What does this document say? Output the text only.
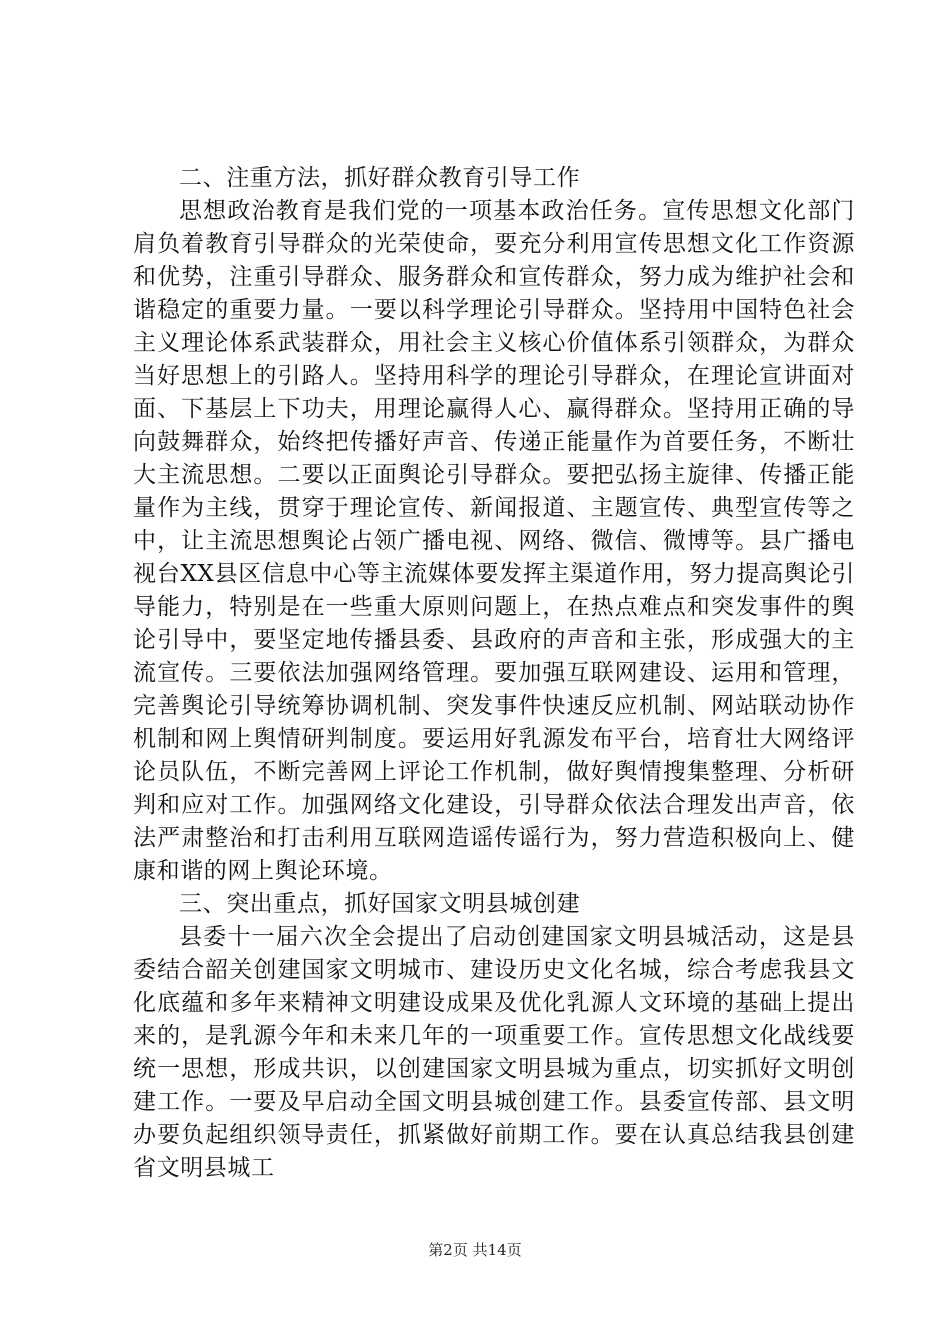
二、注重方法，抓好群众教育引导工作

思想政治教育是我们党的一项基本政治任务。宣传思想文化部门肩负着教育引导群众的光荣使命，要充分利用宣传思想文化工作资源和优势，注重引导群众、服务群众和宣传群众，努力成为维护社会和谐稳定的重要力量。一要以科学理论引导群众。坚持用中国特色社会主义理论体系武装群众，用社会主义核心价值体系引领群众，为群众当好思想上的引路人。坚持用科学的理论引导群众，在理论宣讲面对面、下基层上下功夫，用理论赢得人心、赢得群众。坚持用正确的导向鼓舞群众，始终把传播好声音、传递正能量作为首要任务，不断壮大主流思想。二要以正面舆论引导群众。要把弘扬主旋律、传播正能量作为主线，贯穿于理论宣传、新闻报道、主题宣传、典型宣传等之中，让主流思想舆论占领广播电视、网络、微信、微博等。县广播电视台XX县区信息中心等主流媒体要发挥主渠道作用，努力提高舆论引导能力，特别是在一些重大原则问题上，在热点难点和突发事件的舆论引导中，要坚定地传播县委、县政府的声音和主张，形成强大的主流宣传。三要依法加强网络管理。要加强互联网建设、运用和管理，完善舆论引导统筹协调机制、突发事件快速反应机制、网站联动协作机制和网上舆情研判制度。要运用好乳源发布平台，培育壮大网络评论员队伍，不断完善网上评论工作机制，做好舆情搜集整理、分析研判和应对工作。加强网络文化建设，引导群众依法合理发出声音，依法严肃整治和打击利用互联网造谣传谣行为，努力营造积极向上、健康和谐的网上舆论环境。

三、突出重点，抓好国家文明县城创建

县委十一届六次全会提出了启动创建国家文明县城活动，这是县委结合韶关创建国家文明城市、建设历史文化名城，综合考虑我县文化底蕴和多年来精神文明建设成果及优化乳源人文环境的基础上提出来的，是乳源今年和未来几年的一项重要工作。宣传思想文化战线要统一思想，形成共识，以创建国家文明县城为重点，切实抓好文明创建工作。一要及早启动全国文明县城创建工作。县委宣传部、县文明办要负起组织领导责任，抓紧做好前期工作。要在认真总结我县创建省文明县城工

第2页 共14页
